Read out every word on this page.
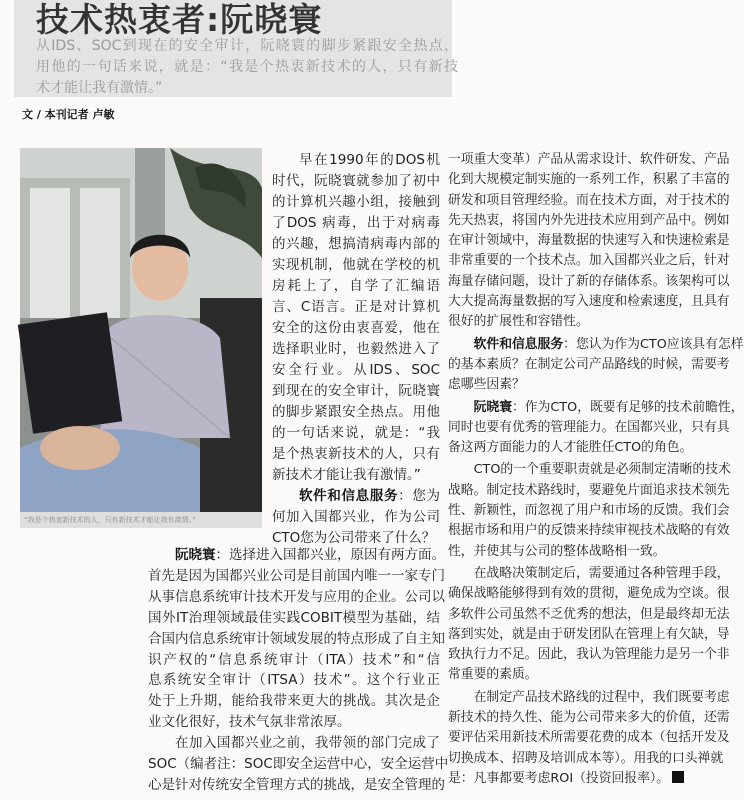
技术热衷者:阮晓寰
从IDS、SOC到现在的安全审计，阮晓寰的脚步紧跟安全热点，
用他的一句话来说，就是：“我是个热衷新技术的人，只有新技
术才能让我有激情。”
文 / 本刊记者 卢敏
“我是个热衷新技术的人，只有新技术才能让我有激情。”
早在1990年的DOS机
时代，阮晓寰就参加了初中
的计算机兴趣小组，接触到
了DOS 病毒，出于对病毒
的兴趣，想搞清病毒内部的
实现机制，他就在学校的机
房耗上了，自学了汇编语
言、C语言。正是对计算机
安全的这份由衷喜爱，他在
选择职业时，也毅然进入了
安全行业。从IDS、SOC
到现在的安全审计，阮晓寰
的脚步紧跟安全热点。用他
的一句话来说，就是：“我
是个热衷新技术的人，只有
新技术才能让我有激情。”
软件和信息服务：您为
何加入国都兴业，作为公司
CTO您为公司带来了什么？
阮晓寰：选择进入国都兴业，原因有两方面。
首先是因为国都兴业公司是目前国内唯一一家专门
从事信息系统审计技术开发与应用的企业。公司以
国外IT治理领域最佳实践COBIT模型为基础，结
合国内信息系统审计领域发展的特点形成了自主知
识产权的“信息系统审计（ITA）技术”和“信
息系统安全审计（ITSA）技术”。这个行业正
处于上升期，能给我带来更大的挑战。其次是企
业文化很好，技术气氛非常浓厚。
在加入国都兴业之前，我带领的部门完成了
SOC（编者注：SOC即安全运营中心，安全运营中
心是针对传统安全管理方式的挑战，是安全管理的
一项重大变革）产品从需求设计、软件研发、产品
化到大规模定制实施的一系列工作，积累了丰富的
研发和项目管理经验。而在技术方面，对于技术的
先天热衷，将国内外先进技术应用到产品中。例如
在审计领域中，海量数据的快速写入和快速检索是
非常重要的一个技术点。加入国都兴业之后，针对
海量存储问题，设计了新的存储体系。该架构可以
大大提高海量数据的写入速度和检索速度，且具有
很好的扩展性和容错性。
软件和信息服务：您认为作为CTO应该具有怎样
的基本素质？在制定公司产品路线的时候，需要考
虑哪些因素？
阮晓寰：作为CTO，既要有足够的技术前瞻性，
同时也要有优秀的管理能力。在国都兴业，只有具
备这两方面能力的人才能胜任CTO的角色。
CTO的一个重要职责就是必须制定清晰的技术
战略。制定技术路线时，要避免片面追求技术领先
性、新颖性，而忽视了用户和市场的反馈。我们会
根据市场和用户的反馈来持续审视技术战略的有效
性，并使其与公司的整体战略相一致。
在战略决策制定后，需要通过各种管理手段，
确保战略能够得到有效的贯彻，避免成为空谈。很
多软件公司虽然不乏优秀的想法，但是最终却无法
落到实处，就是由于研发团队在管理上有欠缺，导
致执行力不足。因此，我认为管理能力是另一个非
常重要的素质。
在制定产品技术路线的过程中，我们既要考虑
新技术的持久性、能为公司带来多大的价值，还需
要评估采用新技术所需要花费的成本（包括开发及
切换成本、招聘及培训成本等）。用我的口头禅就
是：凡事都要考虑ROI（投资回报率）。
